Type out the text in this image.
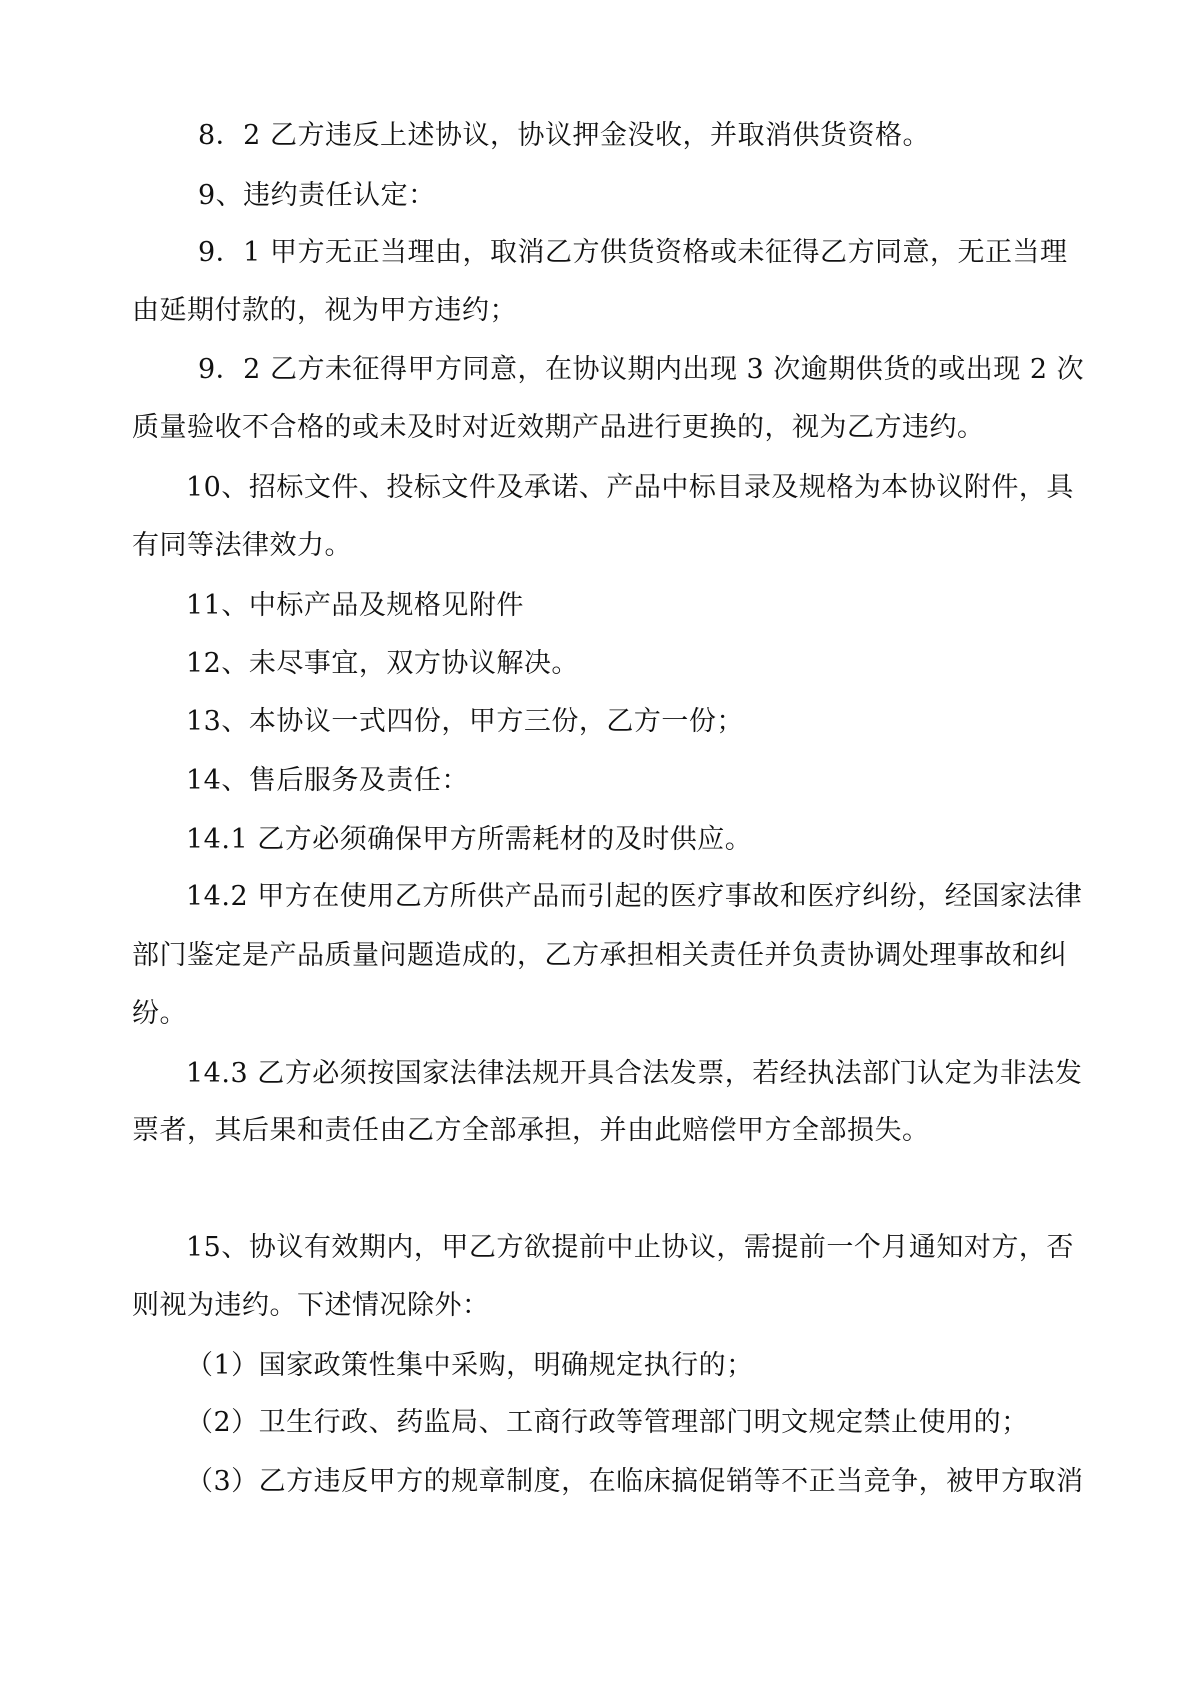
8．2 乙方违反上述协议，协议押金没收，并取消供货资格。
9、违约责任认定：
9．1 甲方无正当理由，取消乙方供货资格或未征得乙方同意，无正当理
由延期付款的，视为甲方违约；
9．2 乙方未征得甲方同意，在协议期内出现 3 次逾期供货的或出现 2 次
质量验收不合格的或未及时对近效期产品进行更换的，视为乙方违约。
10、招标文件、投标文件及承诺、产品中标目录及规格为本协议附件，具
有同等法律效力。
11、中标产品及规格见附件
12、未尽事宜，双方协议解决。
13、本协议一式四份，甲方三份，乙方一份；
14、售后服务及责任：
14.1 乙方必须确保甲方所需耗材的及时供应。
14.2 甲方在使用乙方所供产品而引起的医疗事故和医疗纠纷，经国家法律
部门鉴定是产品质量问题造成的，乙方承担相关责任并负责协调处理事故和纠
纷。
14.3 乙方必须按国家法律法规开具合法发票，若经执法部门认定为非法发
票者，其后果和责任由乙方全部承担，并由此赔偿甲方全部损失。
15、协议有效期内，甲乙方欲提前中止协议，需提前一个月通知对方，否
则视为违约。下述情况除外：
（1）国家政策性集中采购，明确规定执行的；
（2）卫生行政、药监局、工商行政等管理部门明文规定禁止使用的；
（3）乙方违反甲方的规章制度，在临床搞促销等不正当竞争，被甲方取消
